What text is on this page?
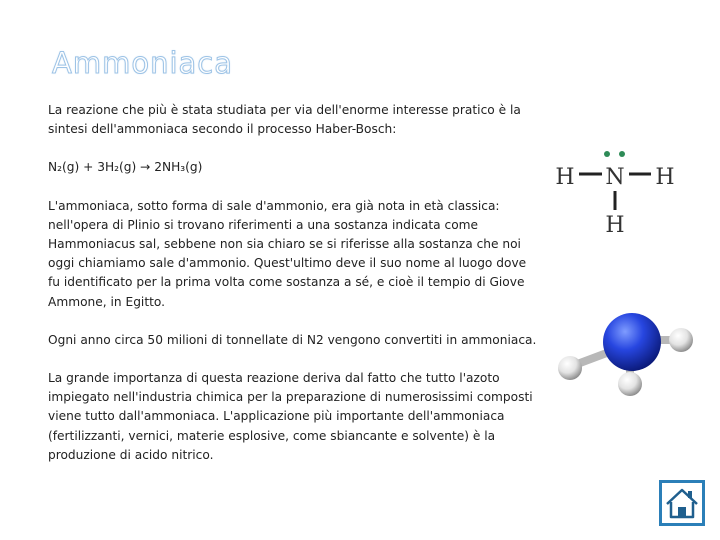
Ammoniaca

La reazione che più è stata studiata per via dell'enorme interesse pratico è la sintesi dell'ammoniaca secondo il processo Haber-Bosch:

N₂(g) + 3H₂(g) → 2NH₃(g)

L'ammoniaca, sotto forma di sale d'ammonio, era già nota in età classica: nell'opera di Plinio si trovano riferimenti a una sostanza indicata come Hammoniacus sal, sebbene non sia chiaro se si riferisse alla sostanza che noi oggi chiamiamo sale d'ammonio. Quest'ultimo deve il suo nome al luogo dove fu identificato per la prima volta come sostanza a sé, e cioè il tempio di Giove Ammone, in Egitto.

Ogni anno circa 50 milioni di tonnellate di N2 vengono convertiti in ammoniaca.

La grande importanza di questa reazione deriva dal fatto che tutto l'azoto impiegato nell'industria chimica per la preparazione di numerosissimi composti viene tutto dall'ammoniaca. L'applicazione più importante dell'ammoniaca (fertilizzanti, vernici, materie esplosive, come sbiancante e solvente) è la produzione di acido nitrico.

H N H
H
